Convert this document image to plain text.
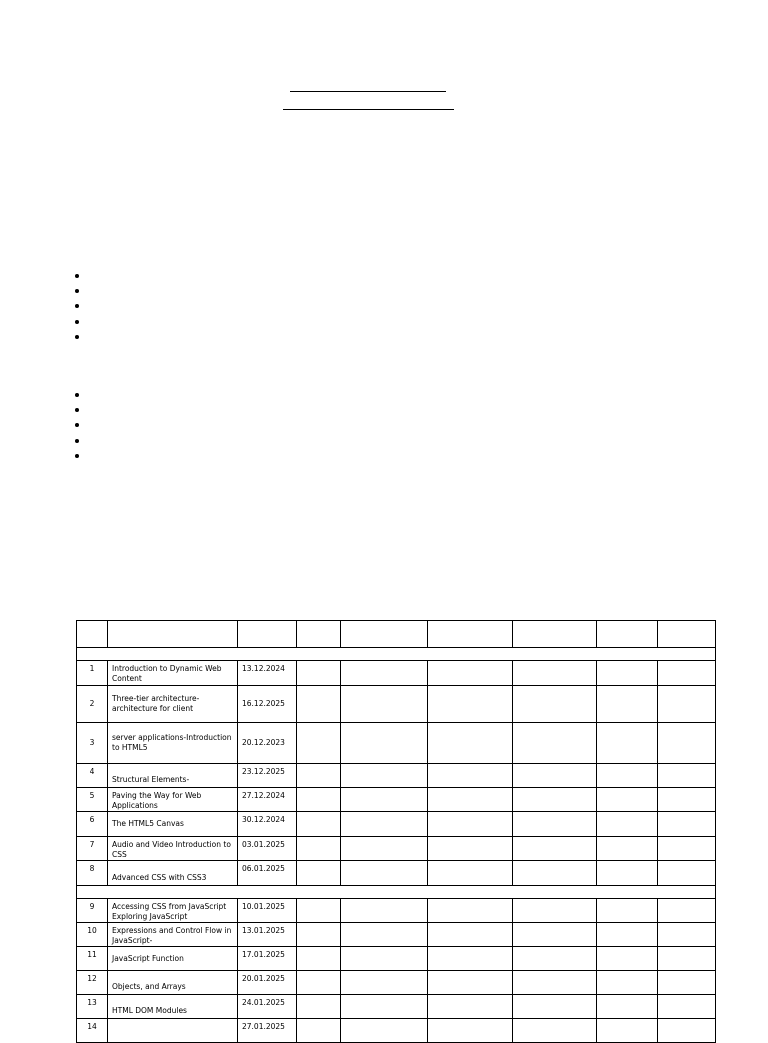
1	Introduction to Dynamic Web Content	13.12.2024						
2	Three-tier architecture-architecture for client	16.12.2025						
3	server applications-Introduction to HTML5	20.12.2023						
4	Structural Elements-	23.12.2025						
5	Paving the Way for Web Applications	27.12.2024						
6	The HTML5 Canvas	30.12.2024						
7	Audio and Video Introduction to CSS	03.01.2025						
8	Advanced CSS with CSS3	06.01.2025						

9	Accessing CSS from JavaScript Exploring JavaScript	10.01.2025						
10	Expressions and Control Flow in JavaScript-	13.01.2025						
11	JavaScript Function	17.01.2025						
12	Objects, and Arrays	20.01.2025						
13	HTML DOM Modules	24.01.2025						
14		27.01.2025						
